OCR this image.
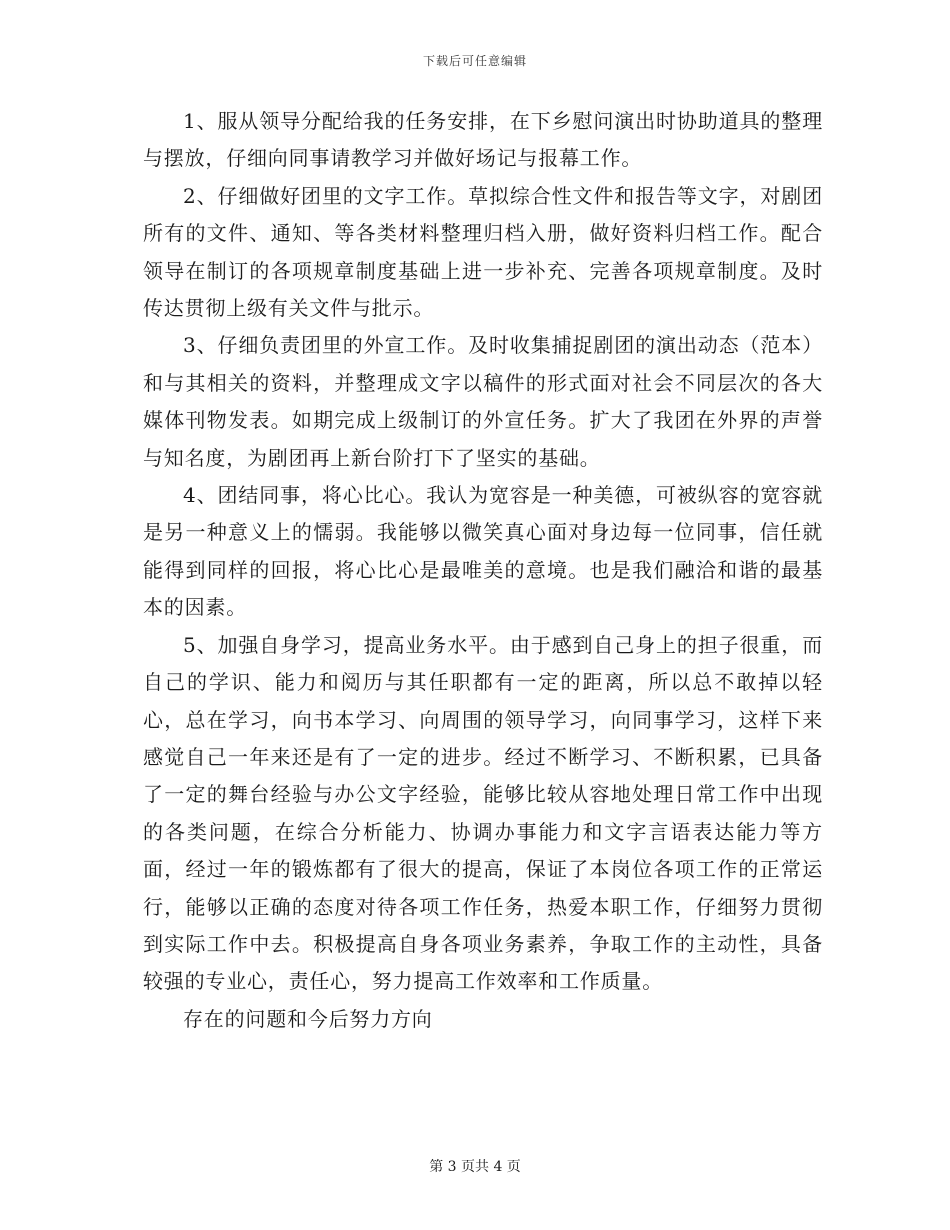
下载后可任意编辑

1、服从领导分配给我的任务安排，在下乡慰问演出时协助道具的整理与摆放，仔细向同事请教学习并做好场记与报幕工作。

2、仔细做好团里的文字工作。草拟综合性文件和报告等文字，对剧团所有的文件、通知、等各类材料整理归档入册，做好资料归档工作。配合领导在制订的各项规章制度基础上进一步补充、完善各项规章制度。及时传达贯彻上级有关文件与批示。

3、仔细负责团里的外宣工作。及时收集捕捉剧团的演出动态（范本）和与其相关的资料，并整理成文字以稿件的形式面对社会不同层次的各大媒体刊物发表。如期完成上级制订的外宣任务。扩大了我团在外界的声誉与知名度，为剧团再上新台阶打下了坚实的基础。

4、团结同事，将心比心。我认为宽容是一种美德，可被纵容的宽容就是另一种意义上的懦弱。我能够以微笑真心面对身边每一位同事，信任就能得到同样的回报，将心比心是最唯美的意境。也是我们融洽和谐的最基本的因素。

5、加强自身学习，提高业务水平。由于感到自己身上的担子很重，而自己的学识、能力和阅历与其任职都有一定的距离，所以总不敢掉以轻心，总在学习，向书本学习、向周围的领导学习，向同事学习，这样下来感觉自己一年来还是有了一定的进步。经过不断学习、不断积累，已具备了一定的舞台经验与办公文字经验，能够比较从容地处理日常工作中出现的各类问题，在综合分析能力、协调办事能力和文字言语表达能力等方面，经过一年的锻炼都有了很大的提高，保证了本岗位各项工作的正常运行，能够以正确的态度对待各项工作任务，热爱本职工作，仔细努力贯彻到实际工作中去。积极提高自身各项业务素养，争取工作的主动性，具备较强的专业心，责任心，努力提高工作效率和工作质量。

存在的问题和今后努力方向

第 3 页共 4 页
